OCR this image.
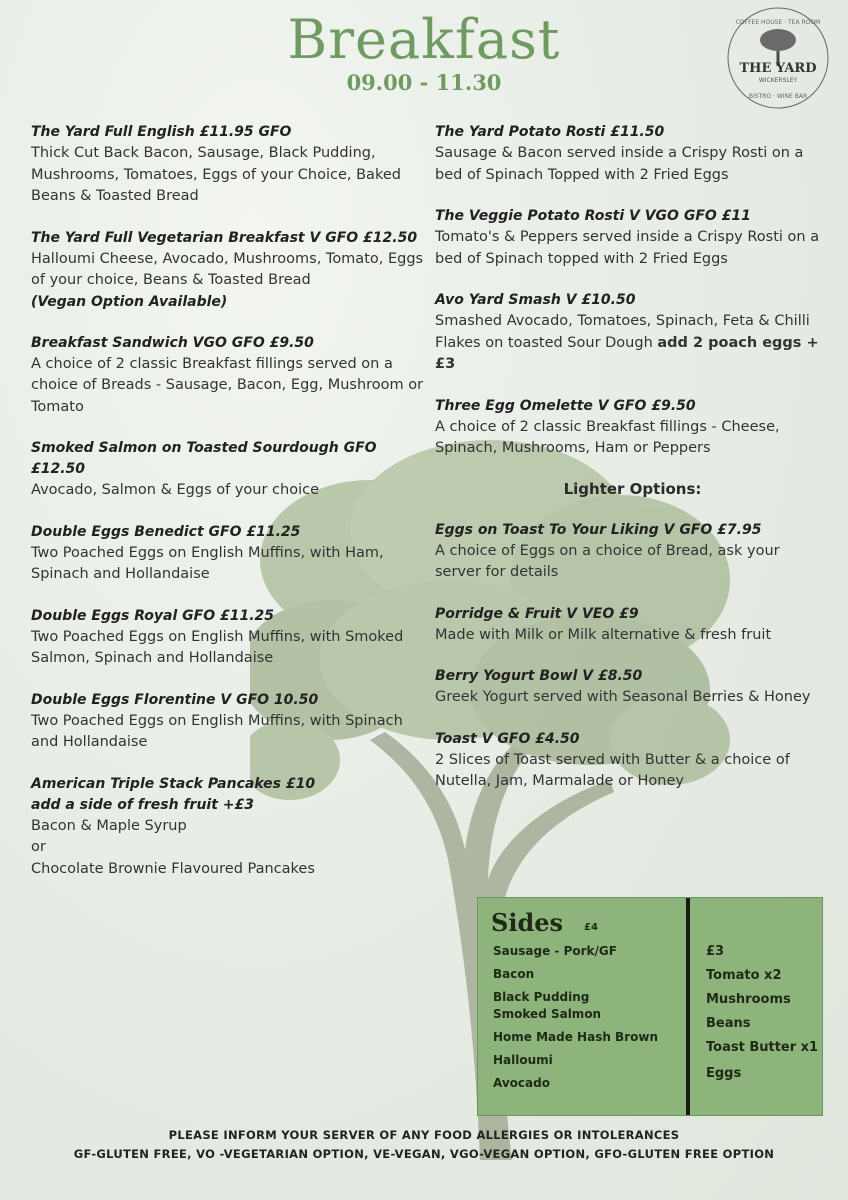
Breakfast
09.00 - 11.30
COFFEE HOUSE · TEA ROOM
THE YARD
WICKERSLEY
BISTRO · WINE BAR
The Yard Full English £11.95 GFO
Thick Cut Back Bacon, Sausage, Black Pudding, Mushrooms, Tomatoes, Eggs of your Choice, Baked Beans & Toasted Bread
The Yard Full Vegetarian Breakfast V GFO £12.50
Halloumi Cheese, Avocado, Mushrooms, Tomato, Eggs of your choice, Beans & Toasted Bread
(Vegan Option Available)
Breakfast Sandwich VGO GFO £9.50
A choice of 2 classic Breakfast fillings served on a choice of Breads - Sausage, Bacon, Egg, Mushroom or Tomato
Smoked Salmon on Toasted Sourdough GFO £12.50
Avocado, Salmon & Eggs of your choice
Double Eggs Benedict GFO £11.25
Two Poached Eggs on English Muffins, with Ham, Spinach and Hollandaise
Double Eggs Royal GFO £11.25
Two Poached Eggs on English Muffins, with Smoked Salmon, Spinach and Hollandaise
Double Eggs Florentine V GFO 10.50
Two Poached Eggs on English Muffins, with Spinach and Hollandaise
American Triple Stack Pancakes £10
add a side of fresh fruit +£3
Bacon & Maple Syrup
or
Chocolate Brownie Flavoured Pancakes
The Yard Potato Rosti £11.50
Sausage & Bacon served inside a Crispy Rosti on a bed of Spinach Topped with 2 Fried Eggs
The Veggie Potato Rosti V VGO GFO £11
Tomato's & Peppers served inside a Crispy Rosti on a bed of Spinach topped with 2 Fried Eggs
Avo Yard Smash V £10.50
Smashed Avocado, Tomatoes, Spinach, Feta & Chilli Flakes on toasted Sour Dough add 2 poach eggs +£3
Three Egg Omelette V GFO £9.50
A choice of 2 classic Breakfast fillings - Cheese, Spinach, Mushrooms, Ham or Peppers
Lighter Options:
Eggs on Toast To Your Liking V GFO £7.95
A choice of Eggs on a choice of Bread, ask your server for details
Porridge & Fruit V VEO £9
Made with Milk or Milk alternative & fresh fruit
Berry Yogurt Bowl V £8.50
Greek Yogurt served with Seasonal Berries & Honey
Toast V GFO £4.50
2 Slices of Toast served with Butter & a choice of Nutella, Jam, Marmalade or Honey
Sides £4
Sausage - Pork/GF
Bacon
Black Pudding
Smoked Salmon
Home Made Hash Brown
Halloumi
Avocado
£3
Tomato x2
Mushrooms
Beans
Toast Butter x1
Eggs
PLEASE INFORM YOUR SERVER OF ANY FOOD ALLERGIES OR INTOLERANCES
GF-GLUTEN FREE, VO -VEGETARIAN OPTION, VE-VEGAN, VGO-VEGAN OPTION, GFO-GLUTEN FREE OPTION
